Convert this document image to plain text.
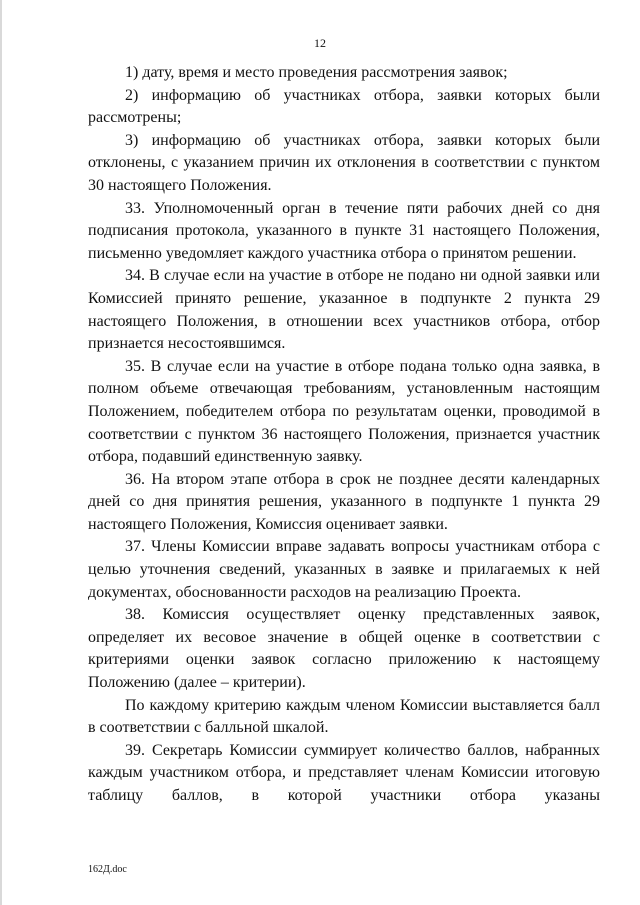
12

1) дату, время и место проведения рассмотрения заявок;

2) информацию об участниках отбора, заявки которых были рассмотрены;

3) информацию об участниках отбора, заявки которых были отклонены, с указанием причин их отклонения в соответствии с пунктом 30 настоящего Положения.

33. Уполномоченный орган в течение пяти рабочих дней со дня подписания протокола, указанного в пункте 31 настоящего Положения, письменно уведомляет каждого участника отбора о принятом решении.

34. В случае если на участие в отборе не подано ни одной заявки или Комиссией принято решение, указанное в подпункте 2 пункта 29 настоящего Положения, в отношении всех участников отбора, отбор признается несостоявшимся.

35. В случае если на участие в отборе подана только одна заявка, в полном объеме отвечающая требованиям, установленным настоящим Положением, победителем отбора по результатам оценки, проводимой в соответствии с пунктом 36 настоящего Положения, признается участник отбора, подавший единственную заявку.

36. На втором этапе отбора в срок не позднее десяти календарных дней со дня принятия решения, указанного в подпункте 1 пункта 29 настоящего Положения, Комиссия оценивает заявки.

37. Члены Комиссии вправе задавать вопросы участникам отбора с целью уточнения сведений, указанных в заявке и прилагаемых к ней документах, обоснованности расходов на реализацию Проекта.

38. Комиссия осуществляет оценку представленных заявок, определяет их весовое значение в общей оценке в соответствии с критериями оценки заявок согласно приложению к настоящему Положению (далее – критерии).

По каждому критерию каждым членом Комиссии выставляется балл в соответствии с балльной шкалой.

39. Секретарь Комиссии суммирует количество баллов, набранных каждым участником отбора, и представляет членам Комиссии итоговую таблицу баллов, в которой участники отбора указаны

162Д.doc
